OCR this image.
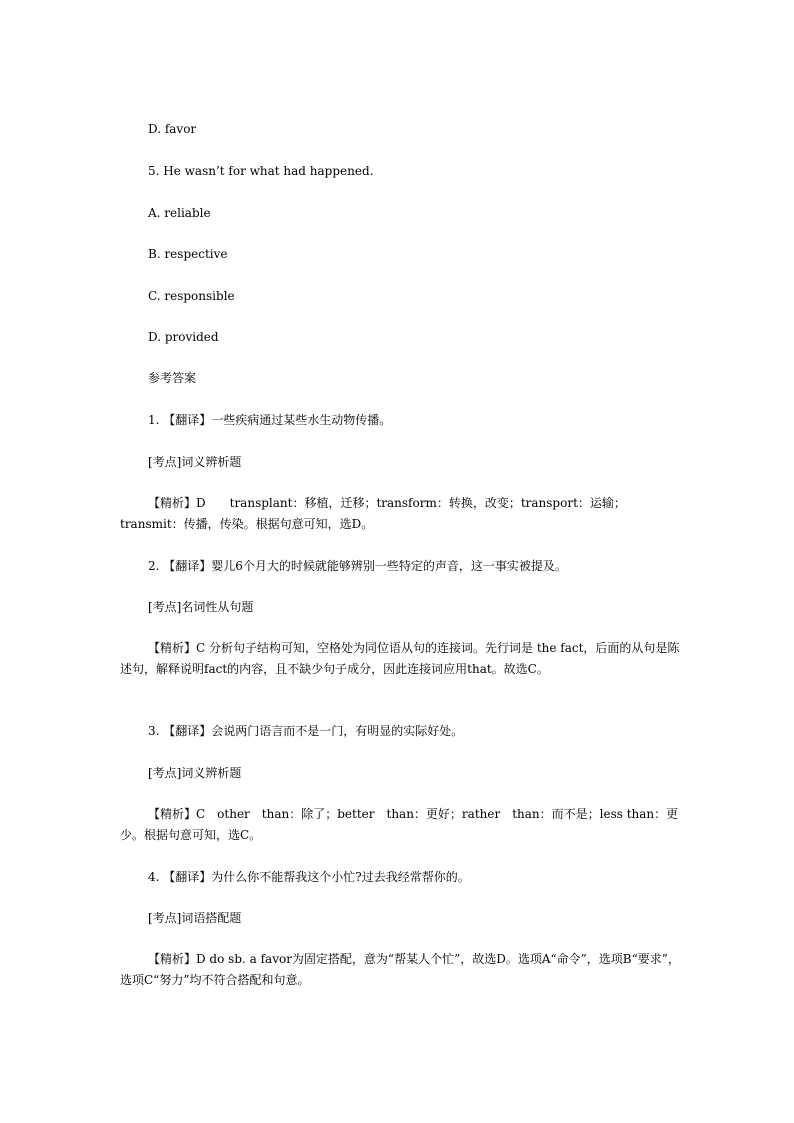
D. favor
5. He wasn’t for what had happened.
A. reliable
B. respective
C. responsible
D. provided
参考答案
1. 【翻译】一些疾病通过某些水生动物传播。
[考点]词义辨析题
【精析】D　　transplant：移植，迁移；transform：转换，改变；transport：运输；transmit：传播，传染。根据句意可知，选D。
2. 【翻译】婴儿6个月大的时候就能够辨别一些特定的声音，这一事实被提及。
[考点]名词性从句题
【精析】C 分析句子结构可知，空格处为同位语从句的连接词。先行词是 the fact，后面的从句是陈述句，解释说明fact的内容，且不缺少句子成分，因此连接词应用that。故选C。
3. 【翻译】会说两门语言而不是一门，有明显的实际好处。
[考点]词义辨析题
【精析】C　other　than：除了；better　than：更好；rather　than：而不是；less than：更少。根据句意可知，选C。
4. 【翻译】为什么你不能帮我这个小忙?过去我经常帮你的。
[考点]词语搭配题
【精析】D do sb. a favor为固定搭配，意为“帮某人个忙”，故选D。选项A“命令”，选项B“要求”，选项C“努力”均不符合搭配和句意。
